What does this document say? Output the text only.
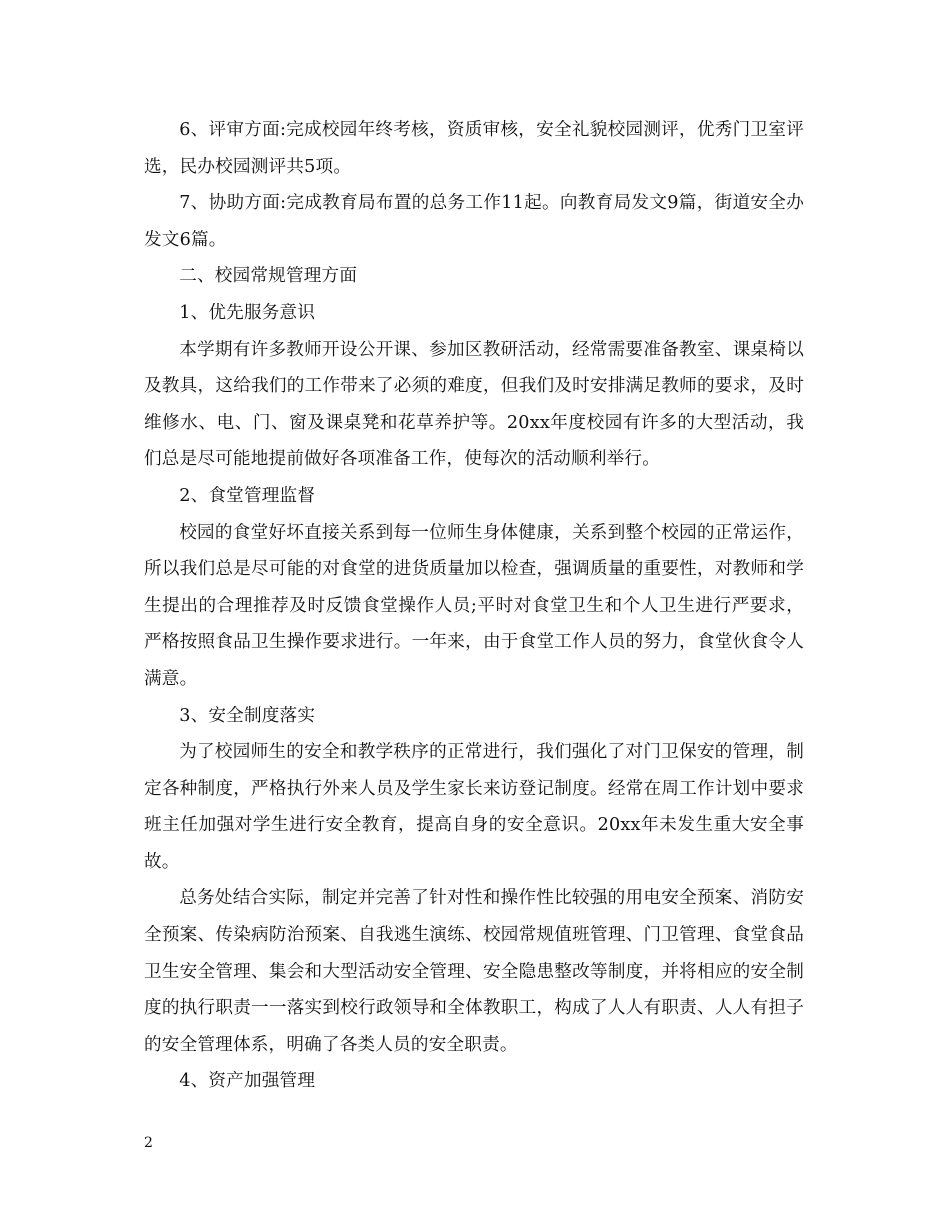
6、评审方面:完成校园年终考核，资质审核，安全礼貌校园测评，优秀门卫室评选，民办校园测评共5项。

7、协助方面:完成教育局布置的总务工作11起。向教育局发文9篇，街道安全办发文6篇。

二、校园常规管理方面

1、优先服务意识

本学期有许多教师开设公开课、参加区教研活动，经常需要准备教室、课桌椅以及教具，这给我们的工作带来了必须的难度，但我们及时安排满足教师的要求，及时维修水、电、门、窗及课桌凳和花草养护等。20xx年度校园有许多的大型活动，我们总是尽可能地提前做好各项准备工作，使每次的活动顺利举行。

2、食堂管理监督

校园的食堂好坏直接关系到每一位师生身体健康，关系到整个校园的正常运作，所以我们总是尽可能的对食堂的进货质量加以检查，强调质量的重要性，对教师和学生提出的合理推荐及时反馈食堂操作人员;平时对食堂卫生和个人卫生进行严要求，严格按照食品卫生操作要求进行。一年来，由于食堂工作人员的努力，食堂伙食令人满意。

3、安全制度落实

为了校园师生的安全和教学秩序的正常进行，我们强化了对门卫保安的管理，制定各种制度，严格执行外来人员及学生家长来访登记制度。经常在周工作计划中要求班主任加强对学生进行安全教育，提高自身的安全意识。20xx年未发生重大安全事故。

总务处结合实际，制定并完善了针对性和操作性比较强的用电安全预案、消防安全预案、传染病防治预案、自我逃生演练、校园常规值班管理、门卫管理、食堂食品卫生安全管理、集会和大型活动安全管理、安全隐患整改等制度，并将相应的安全制度的执行职责一一落实到校行政领导和全体教职工，构成了人人有职责、人人有担子的安全管理体系，明确了各类人员的安全职责。

4、资产加强管理

2
